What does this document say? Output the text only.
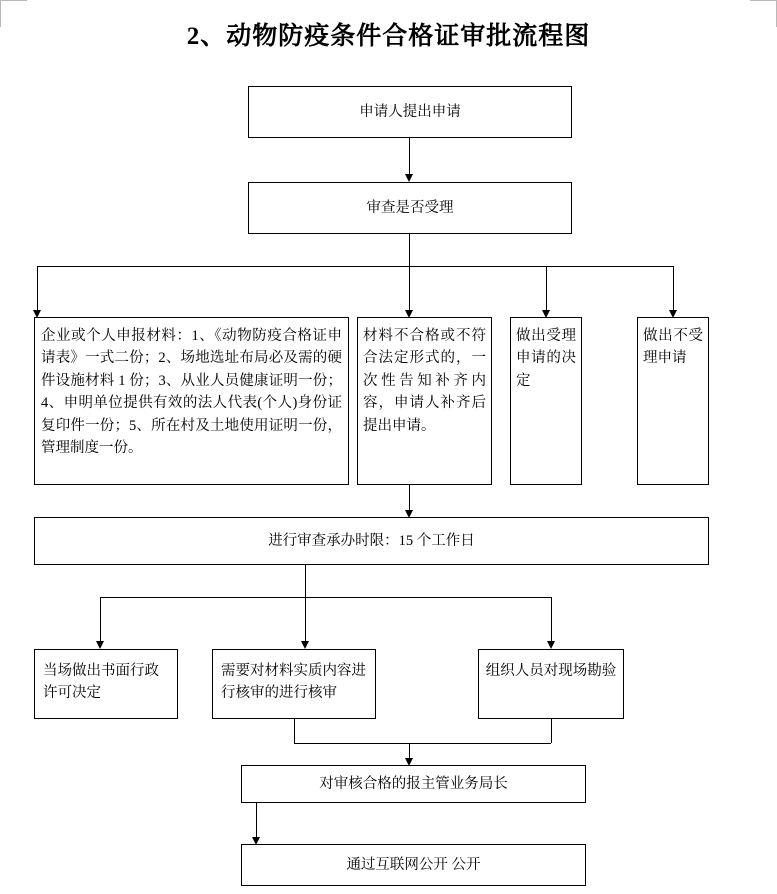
2、动物防疫条件合格证审批流程图
申请人提出申请
审查是否受理
企业或个人申报材料：1、《动物防疫合格证申请表》一式二份；2、场地选址布局必及需的硬件设施材料 1 份；3、从业人员健康证明一份；4、申明单位提供有效的法人代表(个人)身份证复印件一份；5、所在村及土地使用证明一份，管理制度一份。
材料不合格或不符合法定形式的，一次性告知补齐内容，申请人补齐后提出申请。
做出受理申请的决定
做出不受理申请
进行审查承办时限：15 个工作日
当场做出书面行政许可决定
需要对材料实质内容进行核审的进行核审
组织人员对现场勘验
对审核合格的报主管业务局长
通过互联网公开 公开
